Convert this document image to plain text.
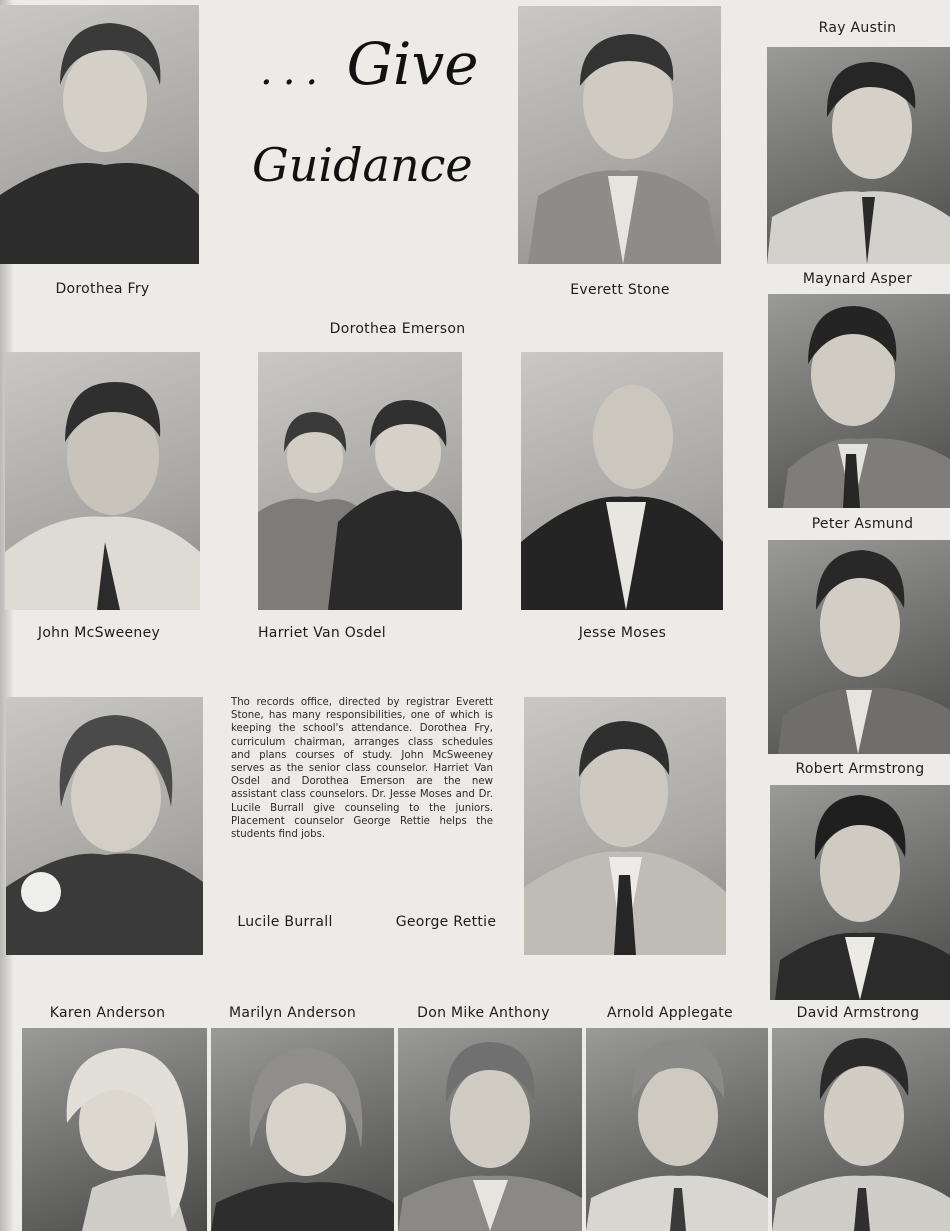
... Give
Guidance
Dorothea Fry	Everett Stone
Dorothea Emerson
John McSweeney	Harriet Van Osdel	Jesse Moses
Lucile Burrall
Tho records office, directed by registrar Everett Stone, has many responsibilities, one of which is keeping the school's attendance. Dorothea Fry, curriculum chairman, arranges class schedules and plans courses of study. John McSweeney serves as the senior class counselor. Harriet Van Osdel and Dorothea Emerson are the new assistant class counselors. Dr. Jesse Moses and Dr. Lucile Burrall give counseling to the juniors. Placement counselor George Rettie helps the students find jobs.
George Rettie
Ray Austin
Maynard Asper
Peter Asmund
Robert Armstrong
Karen Anderson	Marilyn Anderson	Don Mike Anthony	Arnold Applegate	David Armstrong
